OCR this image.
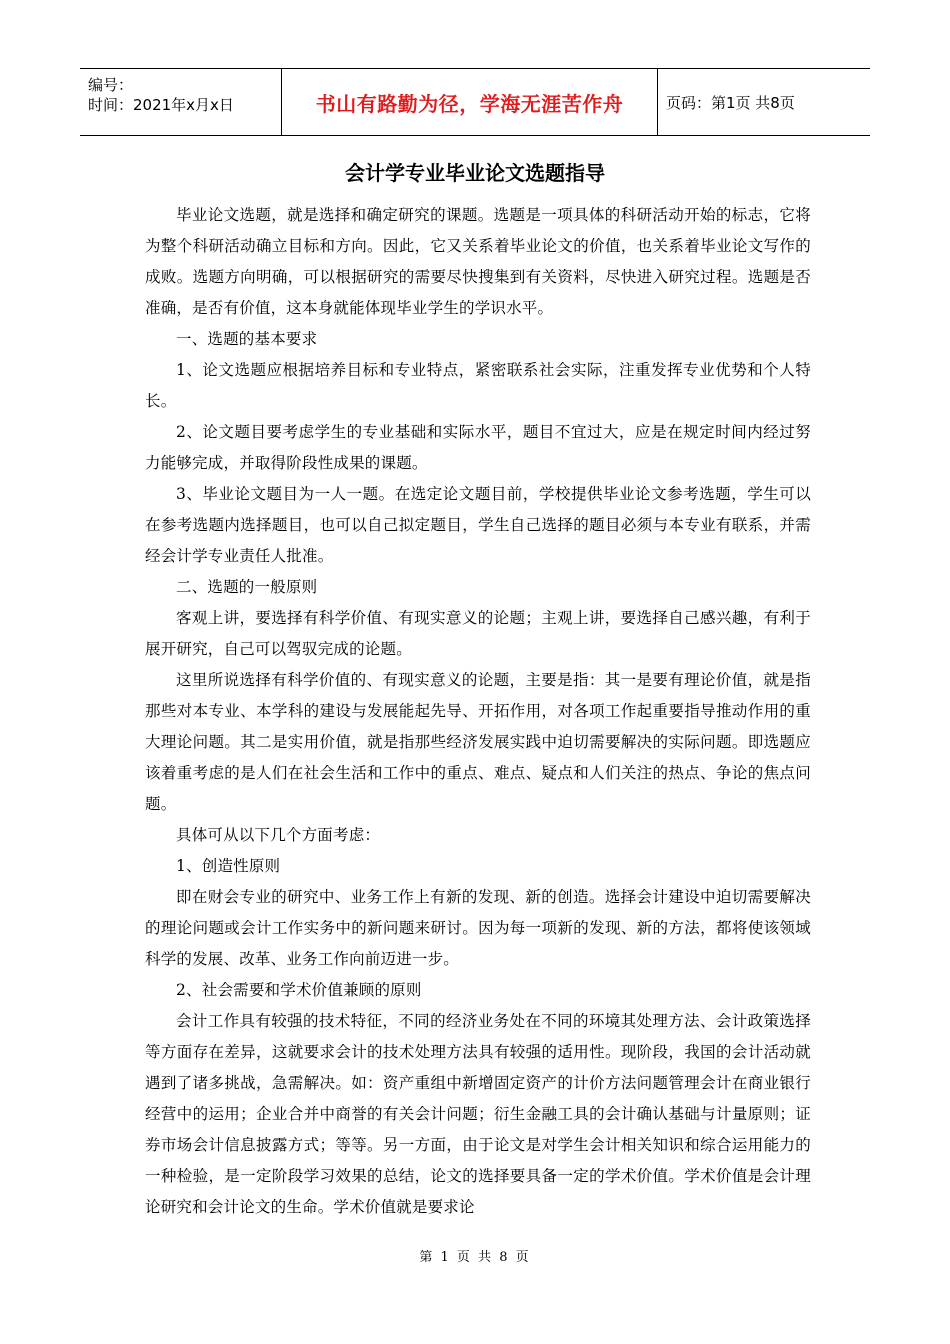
编号：
时间：2021年x月x日	书山有路勤为径，学海无涯苦作舟	页码：第1页 共8页
会计学专业毕业论文选题指导

毕业论文选题，就是选择和确定研究的课题。选题是一项具体的科研活动开始的标志，它将为整个科研活动确立目标和方向。因此，它又关系着毕业论文的价值，也关系着毕业论文写作的成败。选题方向明确，可以根据研究的需要尽快搜集到有关资料，尽快进入研究过程。选题是否准确，是否有价值，这本身就能体现毕业学生的学识水平。

一、选题的基本要求

1、论文选题应根据培养目标和专业特点，紧密联系社会实际，注重发挥专业优势和个人特长。

2、论文题目要考虑学生的专业基础和实际水平，题目不宜过大，应是在规定时间内经过努力能够完成，并取得阶段性成果的课题。

3、毕业论文题目为一人一题。在选定论文题目前，学校提供毕业论文参考选题，学生可以在参考选题内选择题目，也可以自己拟定题目，学生自己选择的题目必须与本专业有联系，并需经会计学专业责任人批准。

二、选题的一般原则

客观上讲，要选择有科学价值、有现实意义的论题；主观上讲，要选择自己感兴趣，有利于展开研究，自己可以驾驭完成的论题。

这里所说选择有科学价值的、有现实意义的论题，主要是指：其一是要有理论价值，就是指那些对本专业、本学科的建设与发展能起先导、开拓作用，对各项工作起重要指导推动作用的重大理论问题。其二是实用价值，就是指那些经济发展实践中迫切需要解决的实际问题。即选题应该着重考虑的是人们在社会生活和工作中的重点、难点、疑点和人们关注的热点、争论的焦点问题。

具体可从以下几个方面考虑：

1、创造性原则

即在财会专业的研究中、业务工作上有新的发现、新的创造。选择会计建设中迫切需要解决的理论问题或会计工作实务中的新问题来研讨。因为每一项新的发现、新的方法，都将使该领域科学的发展、改革、业务工作向前迈进一步。

2、社会需要和学术价值兼顾的原则

会计工作具有较强的技术特征，不同的经济业务处在不同的环境其处理方法、会计政策选择等方面存在差异，这就要求会计的技术处理方法具有较强的适用性。现阶段，我国的会计活动就遇到了诸多挑战，急需解决。如：资产重组中新增固定资产的计价方法问题管理会计在商业银行经营中的运用；企业合并中商誉的有关会计问题；衍生金融工具的会计确认基础与计量原则；证券市场会计信息披露方式；等等。另一方面，由于论文是对学生会计相关知识和综合运用能力的一种检验，是一定阶段学习效果的总结，论文的选择要具备一定的学术价值。学术价值是会计理论研究和会计论文的生命。学术价值就是要求论

第 1 页 共 8 页
